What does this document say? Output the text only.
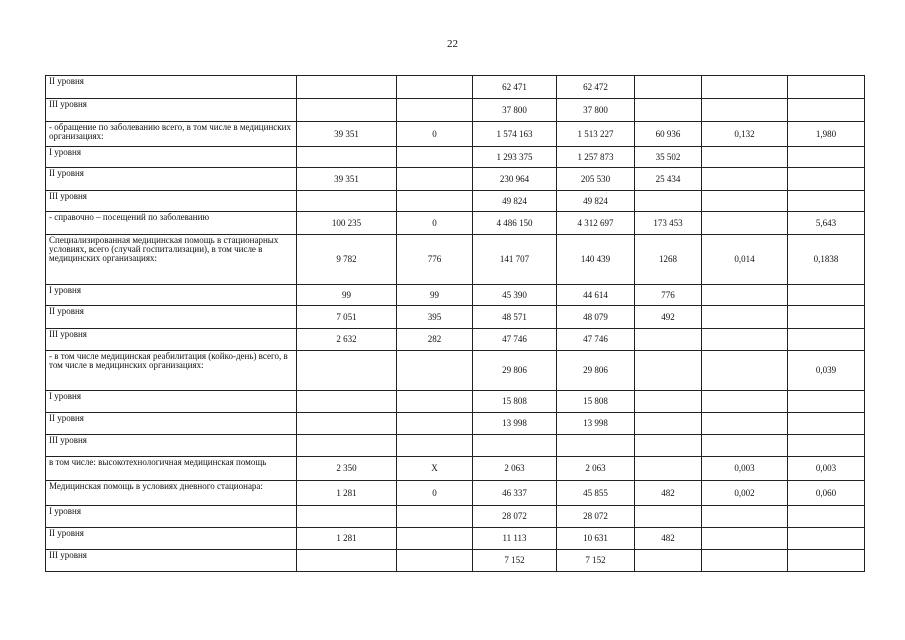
22
II уровня			62 471	62 472			
III уровня			37 800	37 800			
- обращение по заболеванию всего, в том числе в медицинских организациях:	39 351	0	1 574 163	1 513 227	60 936	0,132	1,980
I уровня			1 293 375	1 257 873	35 502		
II уровня	39 351		230 964	205 530	25 434		
III уровня			49 824	49 824			
- справочно – посещений по заболеванию	100 235	0	4 486 150	4 312 697	173 453		5,643
Специализированная медицинская помощь в стационарных условиях, всего (случай госпитализации), в том числе в медицинских организациях:	9 782	776	141 707	140 439	1268	0,014	0,1838
I уровня	99	99	45 390	44 614	776		
II уровня	7 051	395	48 571	48 079	492		
III уровня	2 632	282	47 746	47 746			
- в том числе медицинская реабилитация (койко-день) всего, в том числе в медицинских организациях:			29 806	29 806			0,039
I уровня			15 808	15 808			
II уровня			13 998	13 998			
III уровня							
в том числе: высокотехнологичная медицинская помощь	2 350	Х	2 063	2 063		0,003	0,003
Медицинская помощь в условиях дневного стационара:	1 281	0	46 337	45 855	482	0,002	0,060
I уровня			28 072	28 072			
II уровня	1 281		11 113	10 631	482		
III уровня			7 152	7 152			
